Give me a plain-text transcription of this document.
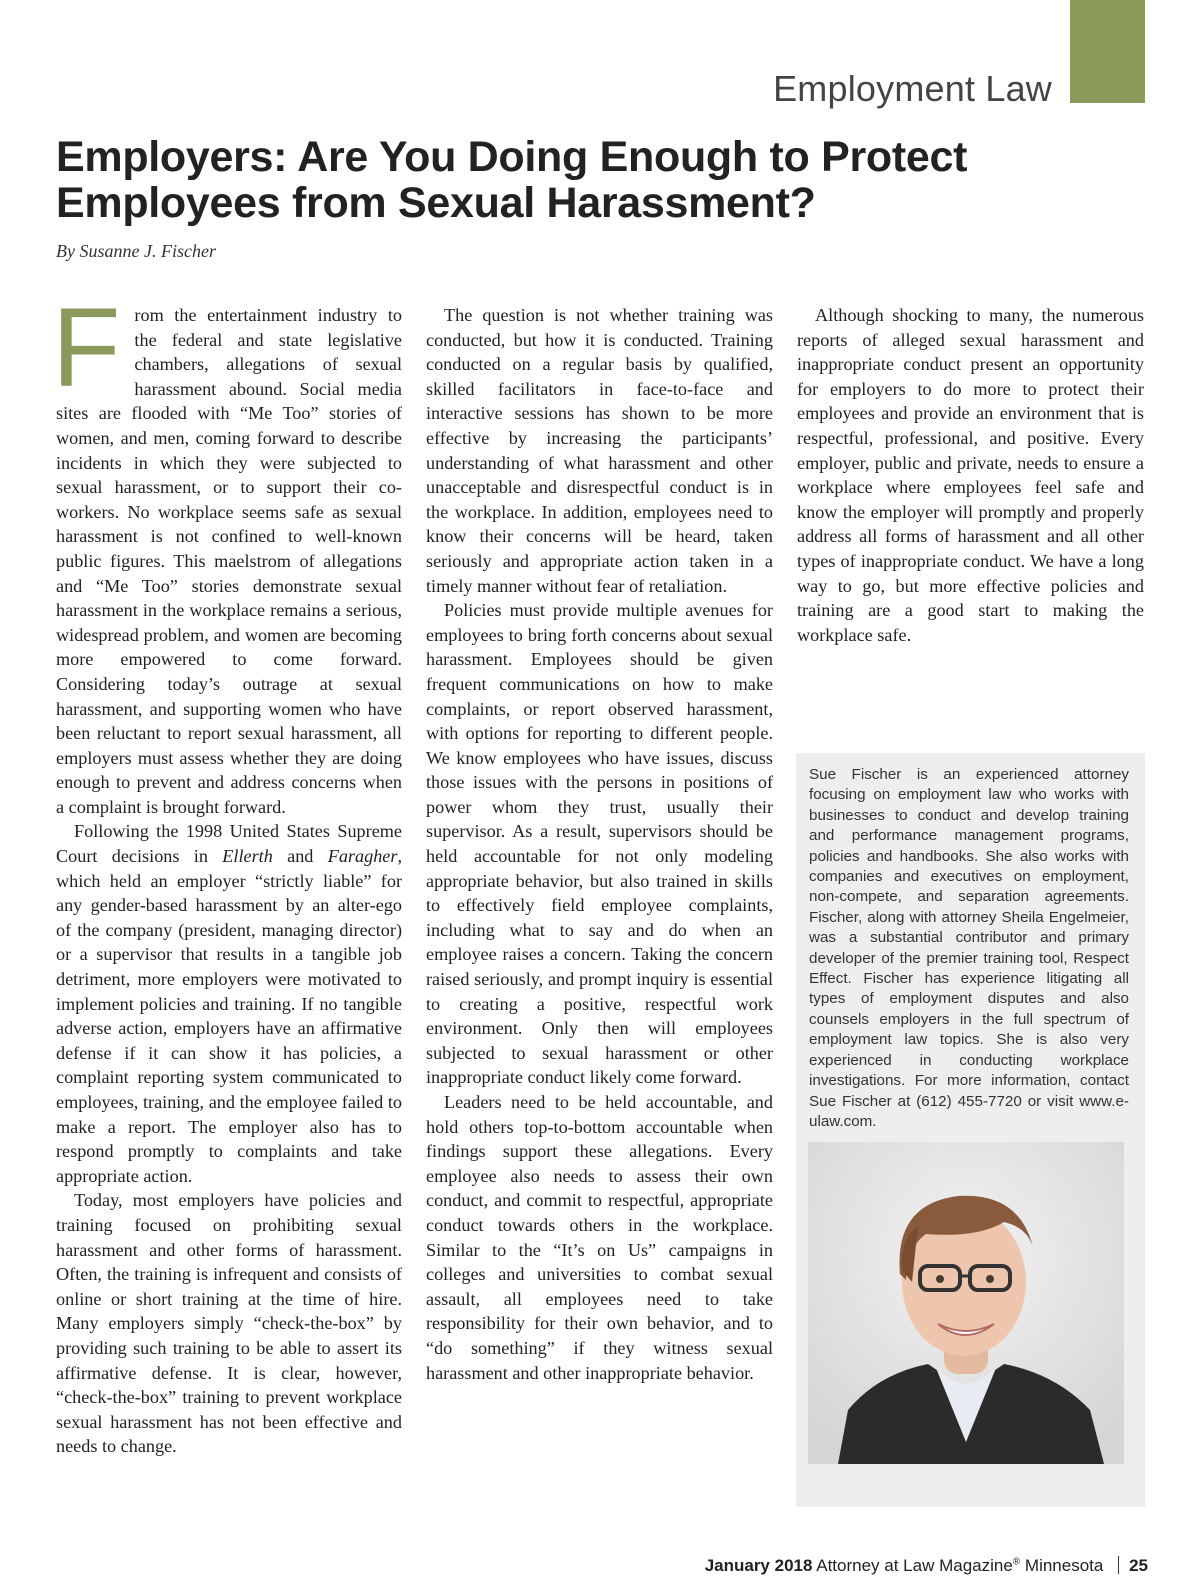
Employment Law
Employers: Are You Doing Enough to Protect
Employees from Sexual Harassment?
By Susanne J. Fischer

From the entertainment industry to the federal and state legislative chambers, allegations of sexual harassment abound. Social media sites are flooded with “Me Too” stories of women, and men, coming forward to describe incidents in which they were subjected to sexual harassment, or to support their co-workers. No workplace seems safe as sexual harassment is not confined to well-known public figures. This maelstrom of allegations and “Me Too” stories demonstrate sexual harassment in the workplace remains a serious, widespread problem, and women are becoming more empowered to come forward. Considering today’s outrage at sexual harassment, and supporting women who have been reluctant to report sexual harassment, all employers must assess whether they are doing enough to prevent and address concerns when a complaint is brought forward.

Following the 1998 United States Supreme Court decisions in Ellerth and Faragher, which held an employer “strictly liable” for any gender-based harassment by an alter-ego of the company (president, managing director) or a supervisor that results in a tangible job detriment, more employers were motivated to implement policies and training. If no tangible adverse action, employers have an affirmative defense if it can show it has policies, a complaint reporting system communicated to employees, training, and the employee failed to make a report. The employer also has to respond promptly to complaints and take appropriate action.

Today, most employers have policies and training focused on prohibiting sexual harassment and other forms of harassment. Often, the training is infrequent and consists of online or short training at the time of hire. Many employers simply “check-the-box” by providing such training to be able to assert its affirmative defense. It is clear, however, “check-the-box” training to prevent workplace sexual harassment has not been effective and needs to change.

The question is not whether training was conducted, but how it is conducted. Training conducted on a regular basis by qualified, skilled facilitators in face-to-face and interactive sessions has shown to be more effective by increasing the participants’ understanding of what harassment and other unacceptable and disrespectful conduct is in the workplace. In addition, employees need to know their concerns will be heard, taken seriously and appropriate action taken in a timely manner without fear of retaliation.

Policies must provide multiple avenues for employees to bring forth concerns about sexual harassment. Employees should be given frequent communications on how to make complaints, or report observed harassment, with options for reporting to different people. We know employees who have issues, discuss those issues with the persons in positions of power whom they trust, usually their supervisor. As a result, supervisors should be held accountable for not only modeling appropriate behavior, but also trained in skills to effectively field employee complaints, including what to say and do when an employee raises a concern. Taking the concern raised seriously, and prompt inquiry is essential to creating a positive, respectful work environment. Only then will employees subjected to sexual harassment or other inappropriate conduct likely come forward.

Leaders need to be held accountable, and hold others top-to-bottom accountable when findings support these allegations. Every employee also needs to assess their own conduct, and commit to respectful, appropriate conduct towards others in the workplace. Similar to the “It’s on Us” campaigns in colleges and universities to combat sexual assault, all employees need to take responsibility for their own behavior, and to “do something” if they witness sexual harassment and other inappropriate behavior.

Although shocking to many, the numerous reports of alleged sexual harassment and inappropriate conduct present an opportunity for employers to do more to protect their employees and provide an environment that is respectful, professional, and positive. Every employer, public and private, needs to ensure a workplace where employees feel safe and know the employer will promptly and properly address all forms of harassment and all other types of inappropriate conduct. We have a long way to go, but more effective policies and training are a good start to making the workplace safe.

Sue Fischer is an experienced attorney focusing on employment law who works with businesses to conduct and develop training and performance management programs, policies and handbooks. She also works with companies and executives on employment, non-compete, and separation agreements. Fischer, along with attorney Sheila Engelmeier, was a substantial contributor and primary developer of the premier training tool, Respect Effect. Fischer has experience litigating all types of employment disputes and also counsels employers in the full spectrum of employment law topics. She is also very experienced in conducting workplace investigations. For more information, contact Sue Fischer at (612) 455-7720 or visit www.e-ulaw.com.

January 2018 Attorney at Law Magazine® Minnesota 25
